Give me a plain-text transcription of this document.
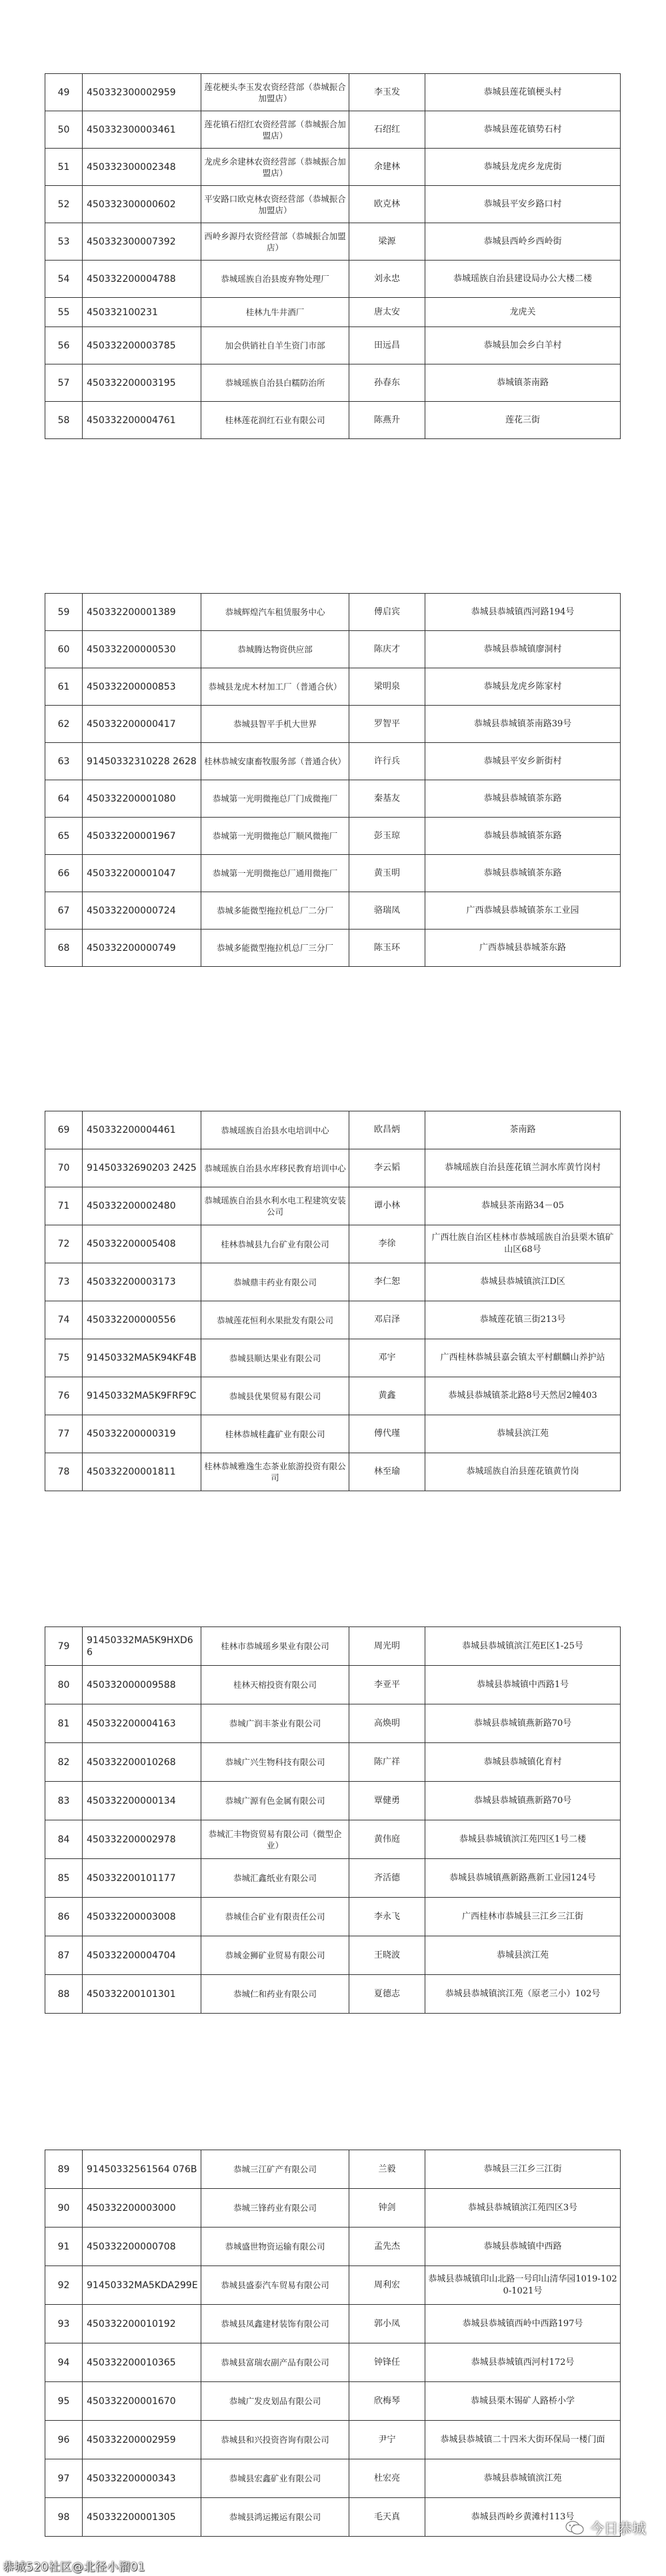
49	450332300002959	莲花梗头李玉发农资经营部（恭城振合加盟店）	李玉发	恭城县莲花镇梗头村
50	450332300003461	莲花镇石绍红农资经营部（恭城振合加盟店）	石绍红	恭城县莲花镇势石村
51	450332300002348	龙虎乡余建林农资经营部（恭城振合加盟店）	余建林	恭城县龙虎乡龙虎街
52	450332300000602	平安路口欧克林农资经营部（恭城振合加盟店）	欧克林	恭城县平安乡路口村
53	450332300007392	西岭乡源丹农资经营部（恭城振合加盟店）	梁源	恭城县西岭乡西岭街
54	450332200004788	恭城瑶族自治县废弃物处理厂	刘永忠	恭城瑶族自治县建设局办公大楼二楼
55	450332100231	桂林九牛井酒厂	唐太安	龙虎关
56	450332200003785	加会供销社自羊生资门市部	田远昌	恭城县加会乡白羊村
57	450332200003195	恭城瑶族自治县白糯防治所	孙春东	恭城镇茶南路
58	450332200004761	桂林莲花润红石业有限公司	陈燕升	莲花三街
59	450332200001389	恭城辉煌汽车租赁服务中心	傅启宾	恭城县恭城镇西河路194号
60	450332200000530	恭城腾达物资供应部	陈庆才	恭城县恭城镇廖洞村
61	450332200000853	恭城县龙虎木材加工厂（普通合伙）	梁明泉	恭城县龙虎乡陈家村
62	450332200000417	恭城县智平手机大世界	罗智平	恭城县恭城镇茶南路39号
63	91450332310228 2628	桂林恭城安康畜牧服务部（普通合伙）	许行兵	恭城县平安乡新街村
64	450332200001080	恭城第一光明微拖总厂门成微拖厂	秦基友	恭城县恭城镇茶东路
65	450332200001967	恭城第一光明微拖总厂顺风微拖厂	彭玉琼	恭城县恭城镇茶东路
66	450332200001047	恭城第一光明微拖总厂通用微拖厂	黄玉明	恭城县恭城镇茶东路
67	450332200000724	恭城多能微型拖拉机总厂二分厂	骆瑞凤	广西恭城县恭城镇茶东工业园
68	450332200000749	恭城多能微型拖拉机总厂三分厂	陈玉环	广西恭城县恭城茶东路
69	450332200004461	恭城瑶族自治县水电培训中心	欧昌炳	茶南路
70	91450332690203 2425	恭城瑶族自治县水库移民教育培训中心	李云韬	恭城瑶族自治县莲花镇兰洞水库黄竹岗村
71	450332200002480	恭城瑶族自治县水利水电工程建筑安装公司	谭小林	恭城县茶南路34－05
72	450332200005408	桂林恭城县九台矿业有限公司	李徐	广西壮族自治区桂林市恭城瑶族自治县栗木镇矿山区68号
73	450332200003173	恭城鼎丰药业有限公司	李仁恕	恭城县恭城镇滨江D区
74	450332200000556	恭城莲花恒利水果批发有限公司	邓启泽	恭城莲花镇三街213号
75	91450332MA5K94KF4B	恭城县顺达果业有限公司	邓宇	广西桂林恭城县嘉会镇太平村麒麟山养护站
76	91450332MA5K9FRF9C	恭城县优果贸易有限公司	黄鑫	恭城县恭城镇茶北路8号天然居2幢403
77	450332200000319	桂林恭城桂鑫矿业有限公司	傅代瑾	恭城县滨江苑
78	450332200001811	桂林恭城雅逸生态茶业旅游投资有限公司	林至瑜	恭城瑶族自治县莲花镇黄竹岗
79	91450332MA5K9HXD66	桂林市恭城瑶乡果业有限公司	周光明	恭城县恭城镇滨江苑E区1-25号
80	450332000009588	桂林天榕投资有限公司	李亚平	恭城县恭城镇中西路1号
81	450332200004163	恭城广润丰茶业有限公司	高焕明	恭城县恭城镇燕新路70号
82	450332200010268	恭城广兴生物科技有限公司	陈广祥	恭城县恭城镇化育村
83	450332200000134	恭城广源有色金属有限公司	覃健勇	恭城县恭城镇燕新路70号
84	450332200002978	恭城汇丰物资贸易有限公司（微型企业）	黄伟庭	恭城县恭城镇滨江苑四区1号二楼
85	450332200101177	恭城汇鑫纸业有限公司	齐活德	恭城县恭城镇燕新路燕新工业园124号
86	450332200003008	恭城佳合矿业有限责任公司	李永飞	广西桂林市恭城县三江乡三江街
87	450332200004704	恭城金狮矿业贸易有限公司	王晓波	恭城县滨江苑
88	450332200101301	恭城仁和药业有限公司	夏德志	恭城县恭城镇滨江苑（原老三小）102号
89	91450332561564 076B	恭城三江矿产有限公司	兰毅	恭城县三江乡三江街
90	450332200003000	恭城三锋药业有限公司	钟剑	恭城县恭城镇滨江苑四区3号
91	450332200000708	恭城盛世物资运输有限公司	孟先杰	恭城县恭城镇中西路
92	91450332MA5KDA299E	恭城县盛泰汽车贸易有限公司	周利宏	恭城县恭城镇印山北路一号印山清华园1019-1020-1021号
93	450332200010192	恭城县凤鑫建材装饰有限公司	郭小凤	恭城县恭城镇西岭中西路197号
94	450332200010365	恭城县富瑞农副产品有限公司	钟锋任	恭城县恭城镇西河村172号
95	450332200001670	恭城广发皮划品有限公司	欣梅琴	恭城县栗木锡矿人路桥小学
96	450332200002959	恭城县和兴投资咨询有限公司	尹宁	恭城县恭城镇二十四米大街环保局一楼门面
97	450332200000343	恭城县宏鑫矿业有限公司	杜宏亮	恭城县恭城镇滨江苑
98	450332200001305	恭城县鸿运搬运有限公司	毛天真	恭城县西岭乡黄滩村113号
今日恭城
恭城520社区@北径小溜01
